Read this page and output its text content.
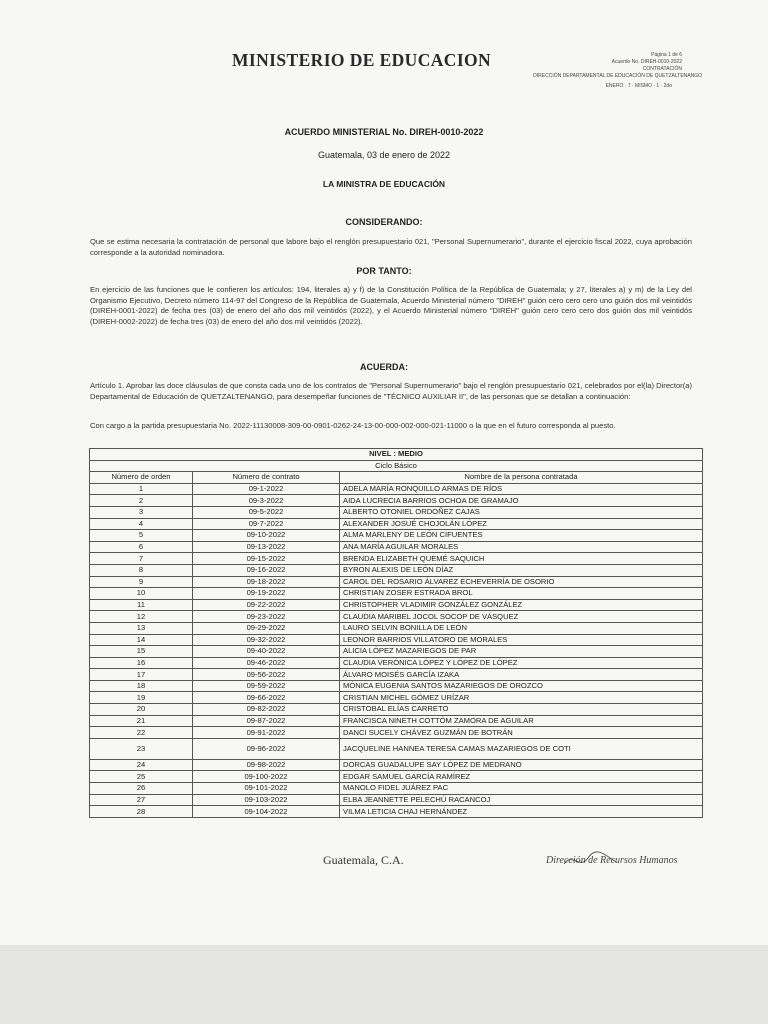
MINISTERIO DE EDUCACION	Página 1 de 6
Acuerdo No. DIREH-0010-2022
CONTRATACIÓN
DIRECCIÓN DEPARTAMENTAL DE EDUCACIÓN DE QUETZALTENANGO
ENERO · 7 · MISMO · 1 · 2do
ACUERDO MINISTERIAL No. DIREH-0010-2022
Guatemala, 03 de enero de 2022
LA MINISTRA DE EDUCACIÓN
CONSIDERANDO:
Que se estima necesaria la contratación de personal que labore bajo el renglón presupuestario 021, "Personal Supernumerario", durante el ejercicio fiscal 2022, cuya aprobación corresponde a la autoridad nominadora.
POR TANTO:
En ejercicio de las funciones que le confieren los artículos: 194, literales a) y f) de la Constitución Política de la República de Guatemala; y 27, literales a) y m) de la Ley del Organismo Ejecutivo, Decreto número 114-97 del Congreso de la República de Guatemala, Acuerdo Ministerial número "DIREH" guión cero cero cero uno guión dos mil veintidós (DIREH-0001-2022) de fecha tres (03) de enero del año dos mil veintidós (2022), y el Acuerdo Ministerial número "DIREH" guión cero cero cero dos guión dos mil veintidós (DIREH-0002-2022) de fecha tres (03) de enero del año dos mil veintidós (2022).
ACUERDA:
Artículo 1. Aprobar las doce cláusulas de que consta cada uno de los contratos de "Personal Supernumerario" bajo el renglón presupuestario 021, celebrados por el(la) Director(a) Departamental de Educación de QUETZALTENANGO, para desempeñar funciones de "TÉCNICO AUXILIAR II", de las personas que se detallan a continuación:
Con cargo a la partida presupuestaria No. 2022-11130008-309-00-0901-0262-24-13-00-000-002-000-021-11000 o la que en el futuro corresponda al puesto.
NIVEL : MEDIO		
Ciclo Básico		
Número de orden	Número de contrato	Nombre de la persona contratada
1	09-1-2022	ADELA MARÍA RONQUILLO ARMAS DE RÍOS
2	09-3-2022	AIDA LUCRECIA BARRIOS OCHOA DE GRAMAJO
3	09-5-2022	ALBERTO OTONIEL ORDOÑEZ CAJAS
4	09-7-2022	ALEXANDER JOSUÉ CHOJOLÁN LÓPEZ
5	09-10-2022	ALMA MARLENY DE LEÓN CIFUENTES
6	09-13-2022	ANA MARÍA AGUILAR MORALES
7	09-15-2022	BRENDA ELIZABETH QUEMÉ SAQUICH
8	09-16-2022	BYRON ALEXIS DE LEÓN DÍAZ
9	09-18-2022	CAROL DEL ROSARIO ÁLVAREZ ECHEVERRÍA DE OSORIO
10	09-19-2022	CHRISTIAN ZOSER ESTRADA BROL
11	09-22-2022	CHRISTOPHER VLADIMIR GONZÁLEZ GONZÁLEZ
12	09-23-2022	CLAUDIA MARIBEL JOCOL SOCOP DE VÁSQUEZ
13	09-29-2022	LAURO SELVIN BONILLA DE LEÓN
14	09-32-2022	LEONOR BARRIOS VILLATORO DE MORALES
15	09-40-2022	ALICIA LÓPEZ MAZARIEGOS DE PAR
16	09-46-2022	CLAUDIA VERÓNICA LÓPEZ Y LÓPEZ DE LÓPEZ
17	09-56-2022	ÁLVARO MOISÉS GARCÍA IZAKA
18	09-59-2022	MÓNICA EUGENIA SANTOS MAZARIEGOS DE OROZCO
19	09-66-2022	CRISTIAN MICHEL GÓMEZ URÍZAR
20	09-82-2022	CRISTOBAL ELÍAS CARRETO
21	09-87-2022	FRANCISCA NINETH COTTÓM ZAMORA DE AGUILAR
22	09-91-2022	DANCI SUCELY CHÁVEZ GUZMÁN DE BOTRÁN
23	09-96-2022	JACQUELINE HANNEA TERESA CAMAS MAZARIEGOS DE COTI
24	09-98-2022	DORCAS GUADALUPE SAY LÓPEZ DE MEDRANO
25	09-100-2022	EDGAR SAMUEL GARCÍA RAMÍREZ
26	09-101-2022	MANOLO FIDEL JUÁREZ PAC
27	09-103-2022	ELBA JEANNETTE PELECHÚ RACANCOJ
28	09-104-2022	VILMA LETICIA CHAJ HERNÁNDEZ
Guatemala, C.A.	Dirección de Recursos Humanos
